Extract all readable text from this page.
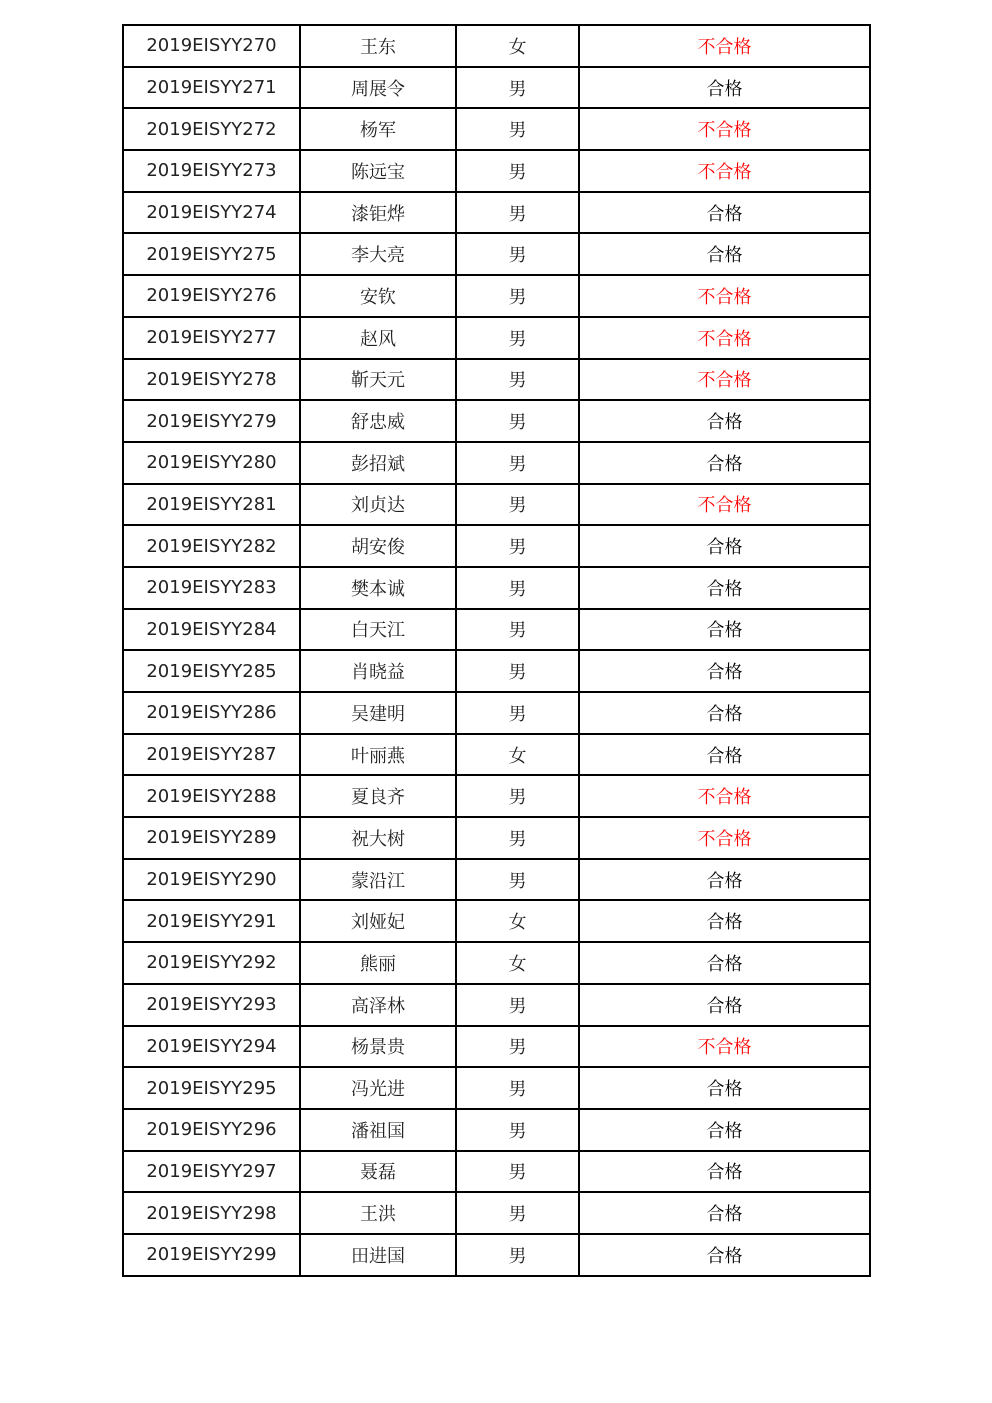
2019EISYY270	王东	女	不合格
2019EISYY271	周展令	男	合格
2019EISYY272	杨军	男	不合格
2019EISYY273	陈远宝	男	不合格
2019EISYY274	漆钜烨	男	合格
2019EISYY275	李大亮	男	合格
2019EISYY276	安钦	男	不合格
2019EISYY277	赵风	男	不合格
2019EISYY278	靳天元	男	不合格
2019EISYY279	舒忠威	男	合格
2019EISYY280	彭招斌	男	合格
2019EISYY281	刘贞达	男	不合格
2019EISYY282	胡安俊	男	合格
2019EISYY283	樊本诚	男	合格
2019EISYY284	白天江	男	合格
2019EISYY285	肖晓益	男	合格
2019EISYY286	吴建明	男	合格
2019EISYY287	叶丽燕	女	合格
2019EISYY288	夏良齐	男	不合格
2019EISYY289	祝大树	男	不合格
2019EISYY290	蒙沿江	男	合格
2019EISYY291	刘娅妃	女	合格
2019EISYY292	熊丽	女	合格
2019EISYY293	高泽林	男	合格
2019EISYY294	杨景贵	男	不合格
2019EISYY295	冯光进	男	合格
2019EISYY296	潘祖国	男	合格
2019EISYY297	聂磊	男	合格
2019EISYY298	王洪	男	合格
2019EISYY299	田进国	男	合格
